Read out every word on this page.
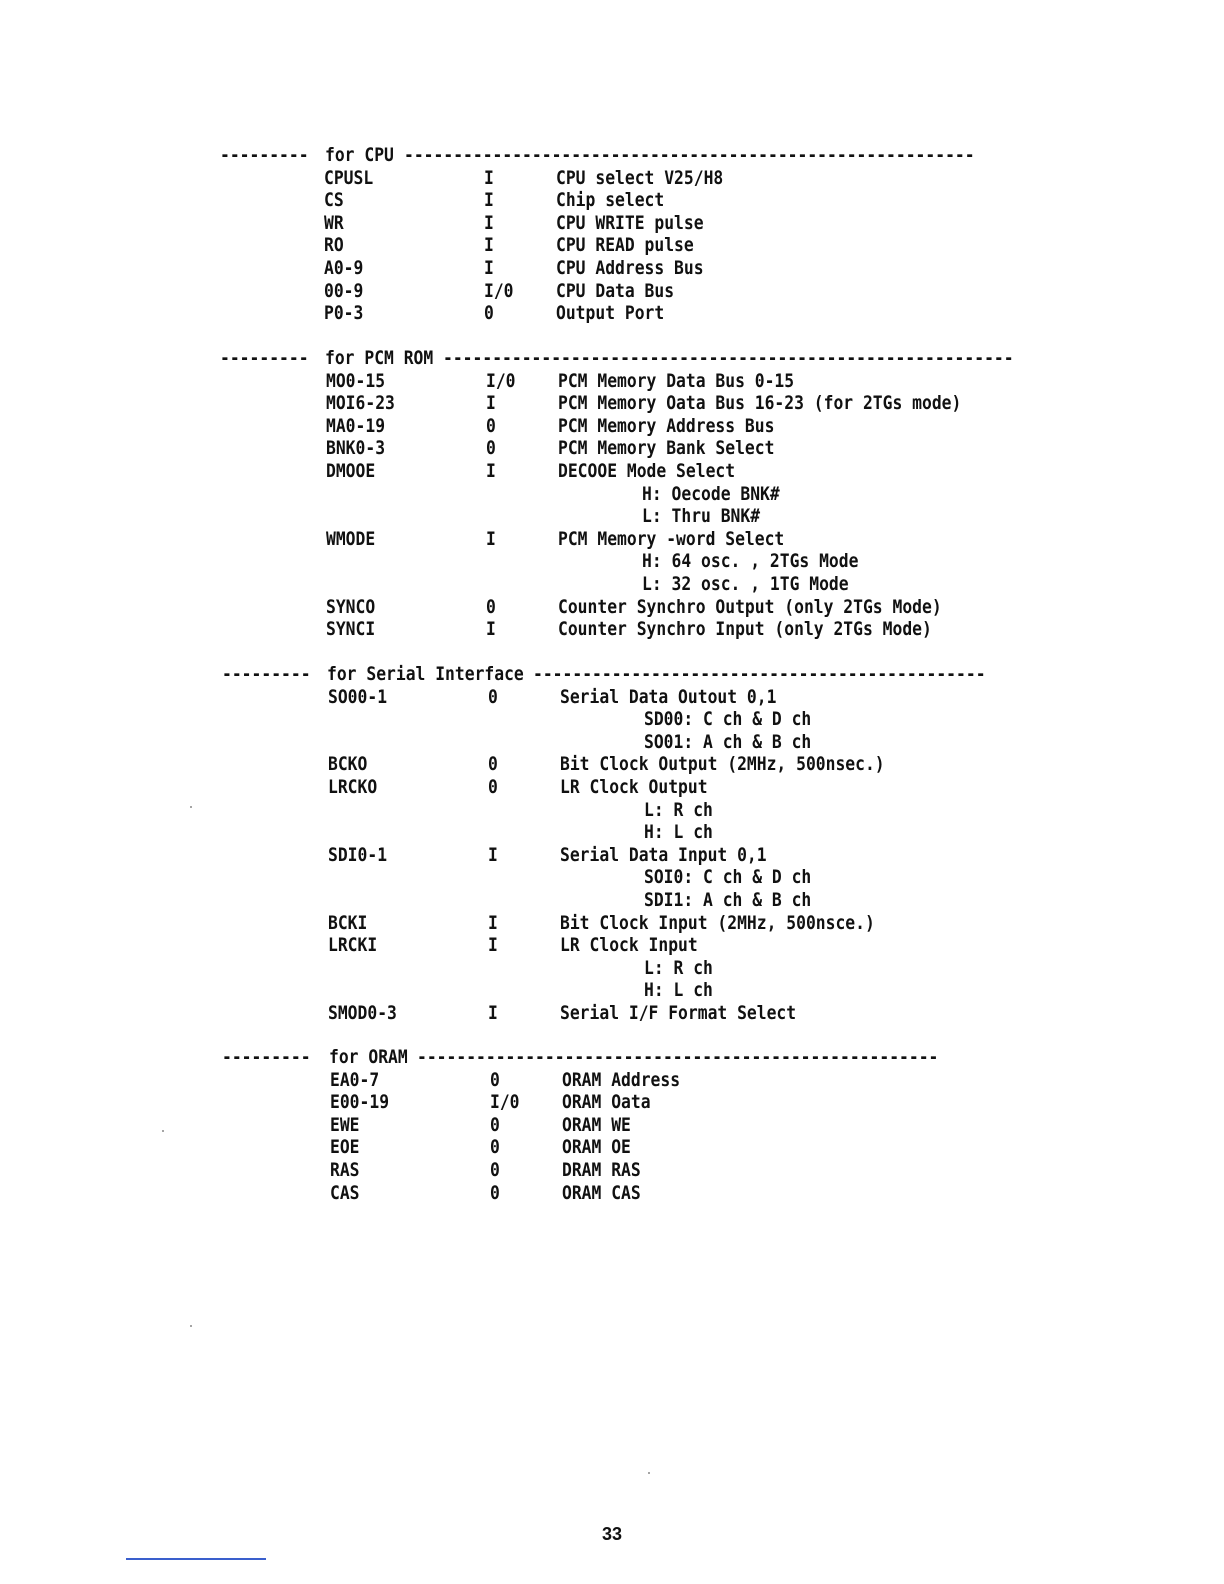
--------- for CPU ----------------------------------------------------------
CPUSL	I	CPU select V25/H8
CS	I	Chip select
WR	I	CPU WRITE pulse
RO	I	CPU READ pulse
A0-9	I	CPU Address Bus
00-9	I/0 CPU Data Bus
P0-3	0	Output Port
--------- for PCM ROM ----------------------------------------------------------
MO0-15	I/0 PCM Memory Data Bus 0-15
MOI6-23	I	PCM Memory Oata Bus 16-23 (for 2TGs mode)
MA0-19	0	PCM Memory Address Bus
BNK0-3	0	PCM Memory Bank Select
DMOOE	I	DECOOE Mode Select
H: Oecode BNK#
L: Thru BNK#
WMODE	I	PCM Memory -word Select
H: 64 osc. , 2TGs Mode
L: 32 osc. , 1TG Mode
SYNCO	0	Counter Synchro Output (only 2TGs Mode)
SYNCI	I	Counter Synchro Input (only 2TGs Mode)
--------- for Serial Interface ----------------------------------------------
SO00-1	0	Serial Data Outout 0,1
SD00: C ch & D ch
SO01: A ch & B ch
BCKO	0	Bit Clock Output (2MHz, 500nsec.)
LRCKO	0	LR Clock Output
L: R ch
H: L ch
SDI0-1	I	Serial Data Input 0,1
SOI0: C ch & D ch
SDI1: A ch & B ch
BCKI	I	Bit Clock Input (2MHz, 500nsce.)
LRCKI	I	LR Clock Input
L: R ch
H: L ch
SMOD0-3	I	Serial I/F Format Select
--------- for ORAM -----------------------------------------------------
EA0-7	0	ORAM Address
E00-19	I/0 ORAM Oata
EWE	0	ORAM WE
EOE	0	ORAM OE
RAS	0	DRAM RAS
CAS	0	ORAM CAS
33
